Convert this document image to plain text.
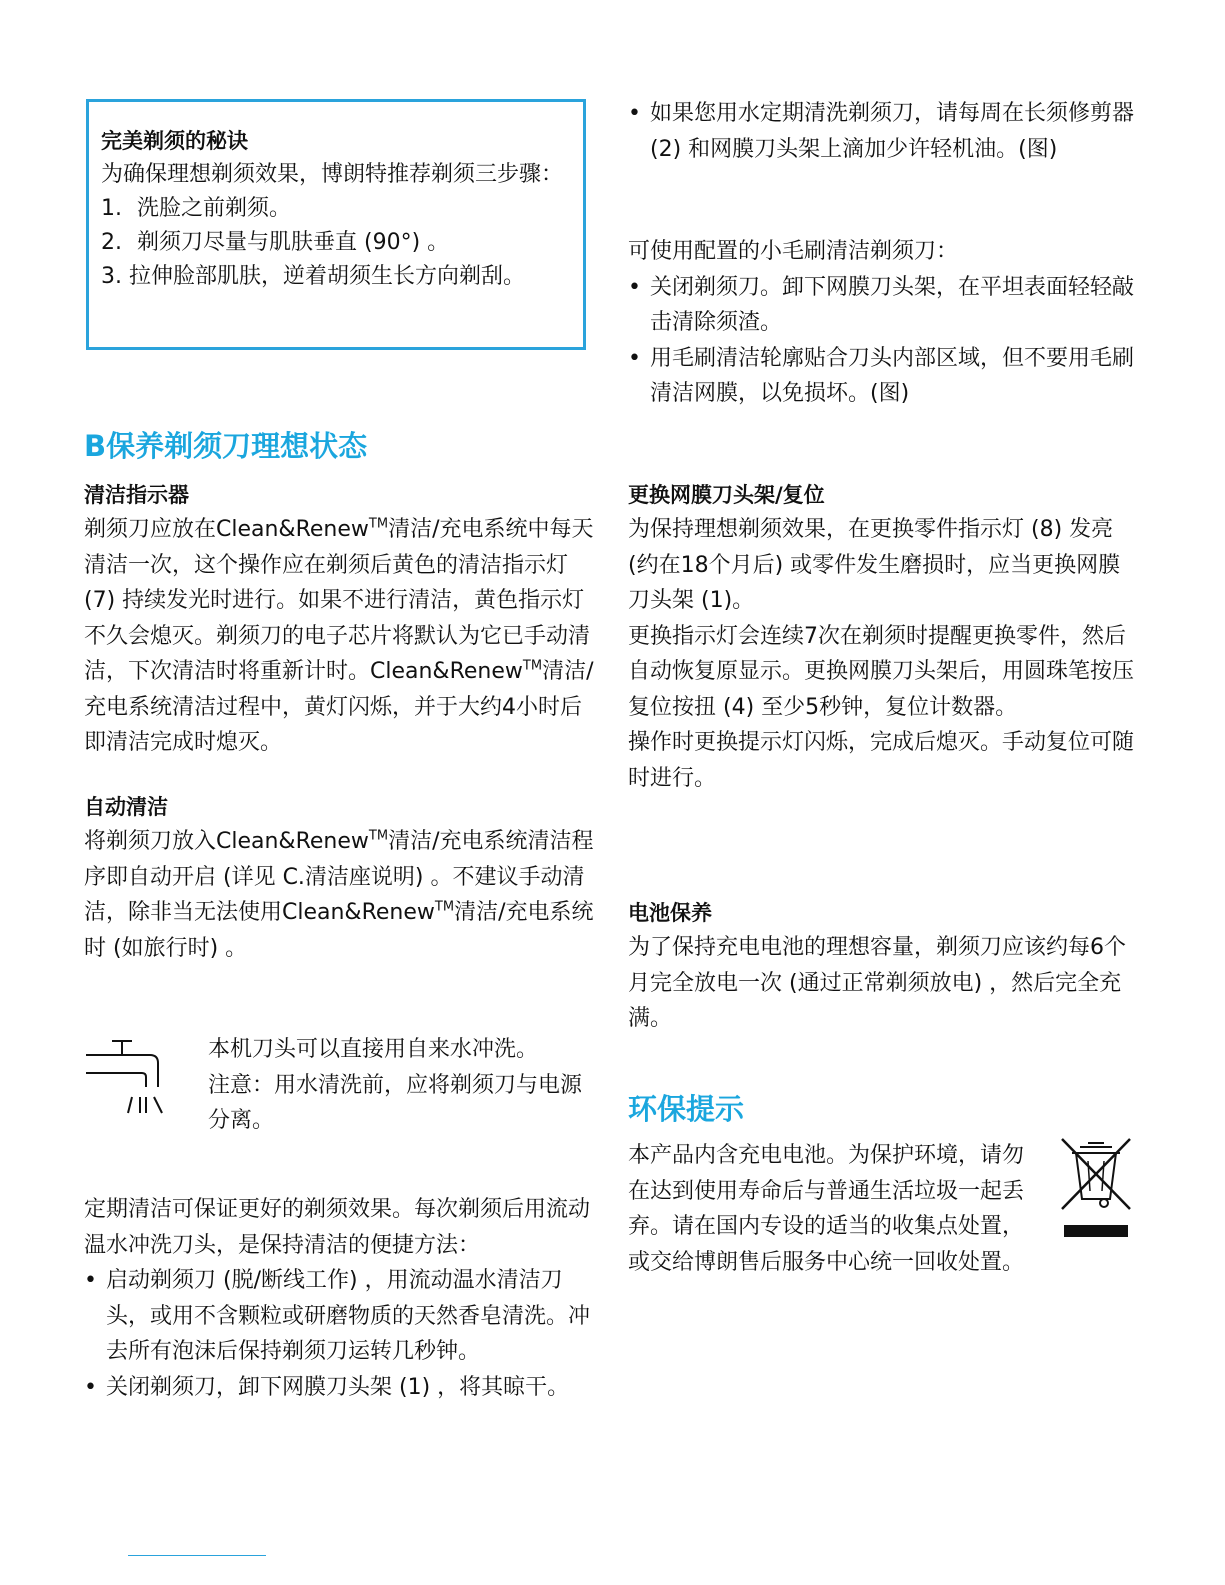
完美剃须的秘诀

为确保理想剃须效果，博朗特推荐剃须三步骤：

1. 洗脸之前剃须。
2. 剃须刀尽量与肌肤垂直 (90°) 。
3. 拉伸脸部肌肤，逆着胡须生长方向剃刮。

B保养剃须刀理想状态

清洁指示器

剃须刀应放在Clean&Renew™清洁/充电系统中每天清洁一次，这个操作应在剃须后黄色的清洁指示灯 (7) 持续发光时进行。如果不进行清洁，黄色指示灯不久会熄灭。剃须刀的电子芯片将默认为它已手动清洁，下次清洁时将重新计时。Clean&Renew™清洁/充电系统清洁过程中，黄灯闪烁，并于大约4小时后即清洁完成时熄灭。

自动清洁

将剃须刀放入Clean&Renew™清洁/充电系统清洁程序即自动开启 (详见 C.清洁座说明) 。不建议手动清洁，除非当无法使用Clean&Renew™清洁/充电系统 时 (如旅行时) 。

本机刀头可以直接用自来水冲洗。

注意：用水清洗前，应将剃须刀与电源分离。

定期清洁可保证更好的剃须效果。每次剃须后用流动温水冲洗刀头，是保持清洁的便捷方法：

• 启动剃须刀 (脱/断线工作) ，用流动温水清洁刀头，或用不含颗粒或研磨物质的天然香皂清洗。冲去所有泡沫后保持剃须刀运转几秒钟。

• 关闭剃须刀，卸下网膜刀头架 (1) ，将其晾干。

• 如果您用水定期清洗剃须刀，请每周在长须修剪器 (2) 和网膜刀头架上滴加少许轻机油。(图)

可使用配置的小毛刷清洁剃须刀：

• 关闭剃须刀。卸下网膜刀头架，在平坦表面轻轻敲击清除须渣。

• 用毛刷清洁轮廓贴合刀头内部区域，但不要用毛刷清洁网膜，以免损坏。(图)

更换网膜刀头架/复位

为保持理想剃须效果，在更换零件指示灯 (8) 发亮 (约在18个月后) 或零件发生磨损时，应当更换网膜刀头架 (1)。

更换指示灯会连续7次在剃须时提醒更换零件，然后自动恢复原显示。更换网膜刀头架后，用圆珠笔按压复位按扭 (4) 至少5秒钟，复位计数器。

操作时更换提示灯闪烁，完成后熄灭。手动复位可随时进行。

电池保养

为了保持充电电池的理想容量，剃须刀应该约每6个月完全放电一次 (通过正常剃须放电) ，然后完全充满。

环保提示

本产品内含充电电池。为保护环境，请勿在达到使用寿命后与普通生活垃圾一起丢弃。请在国内专设的适当的收集点处置，或交给博朗售后服务中心统一回收处置。
